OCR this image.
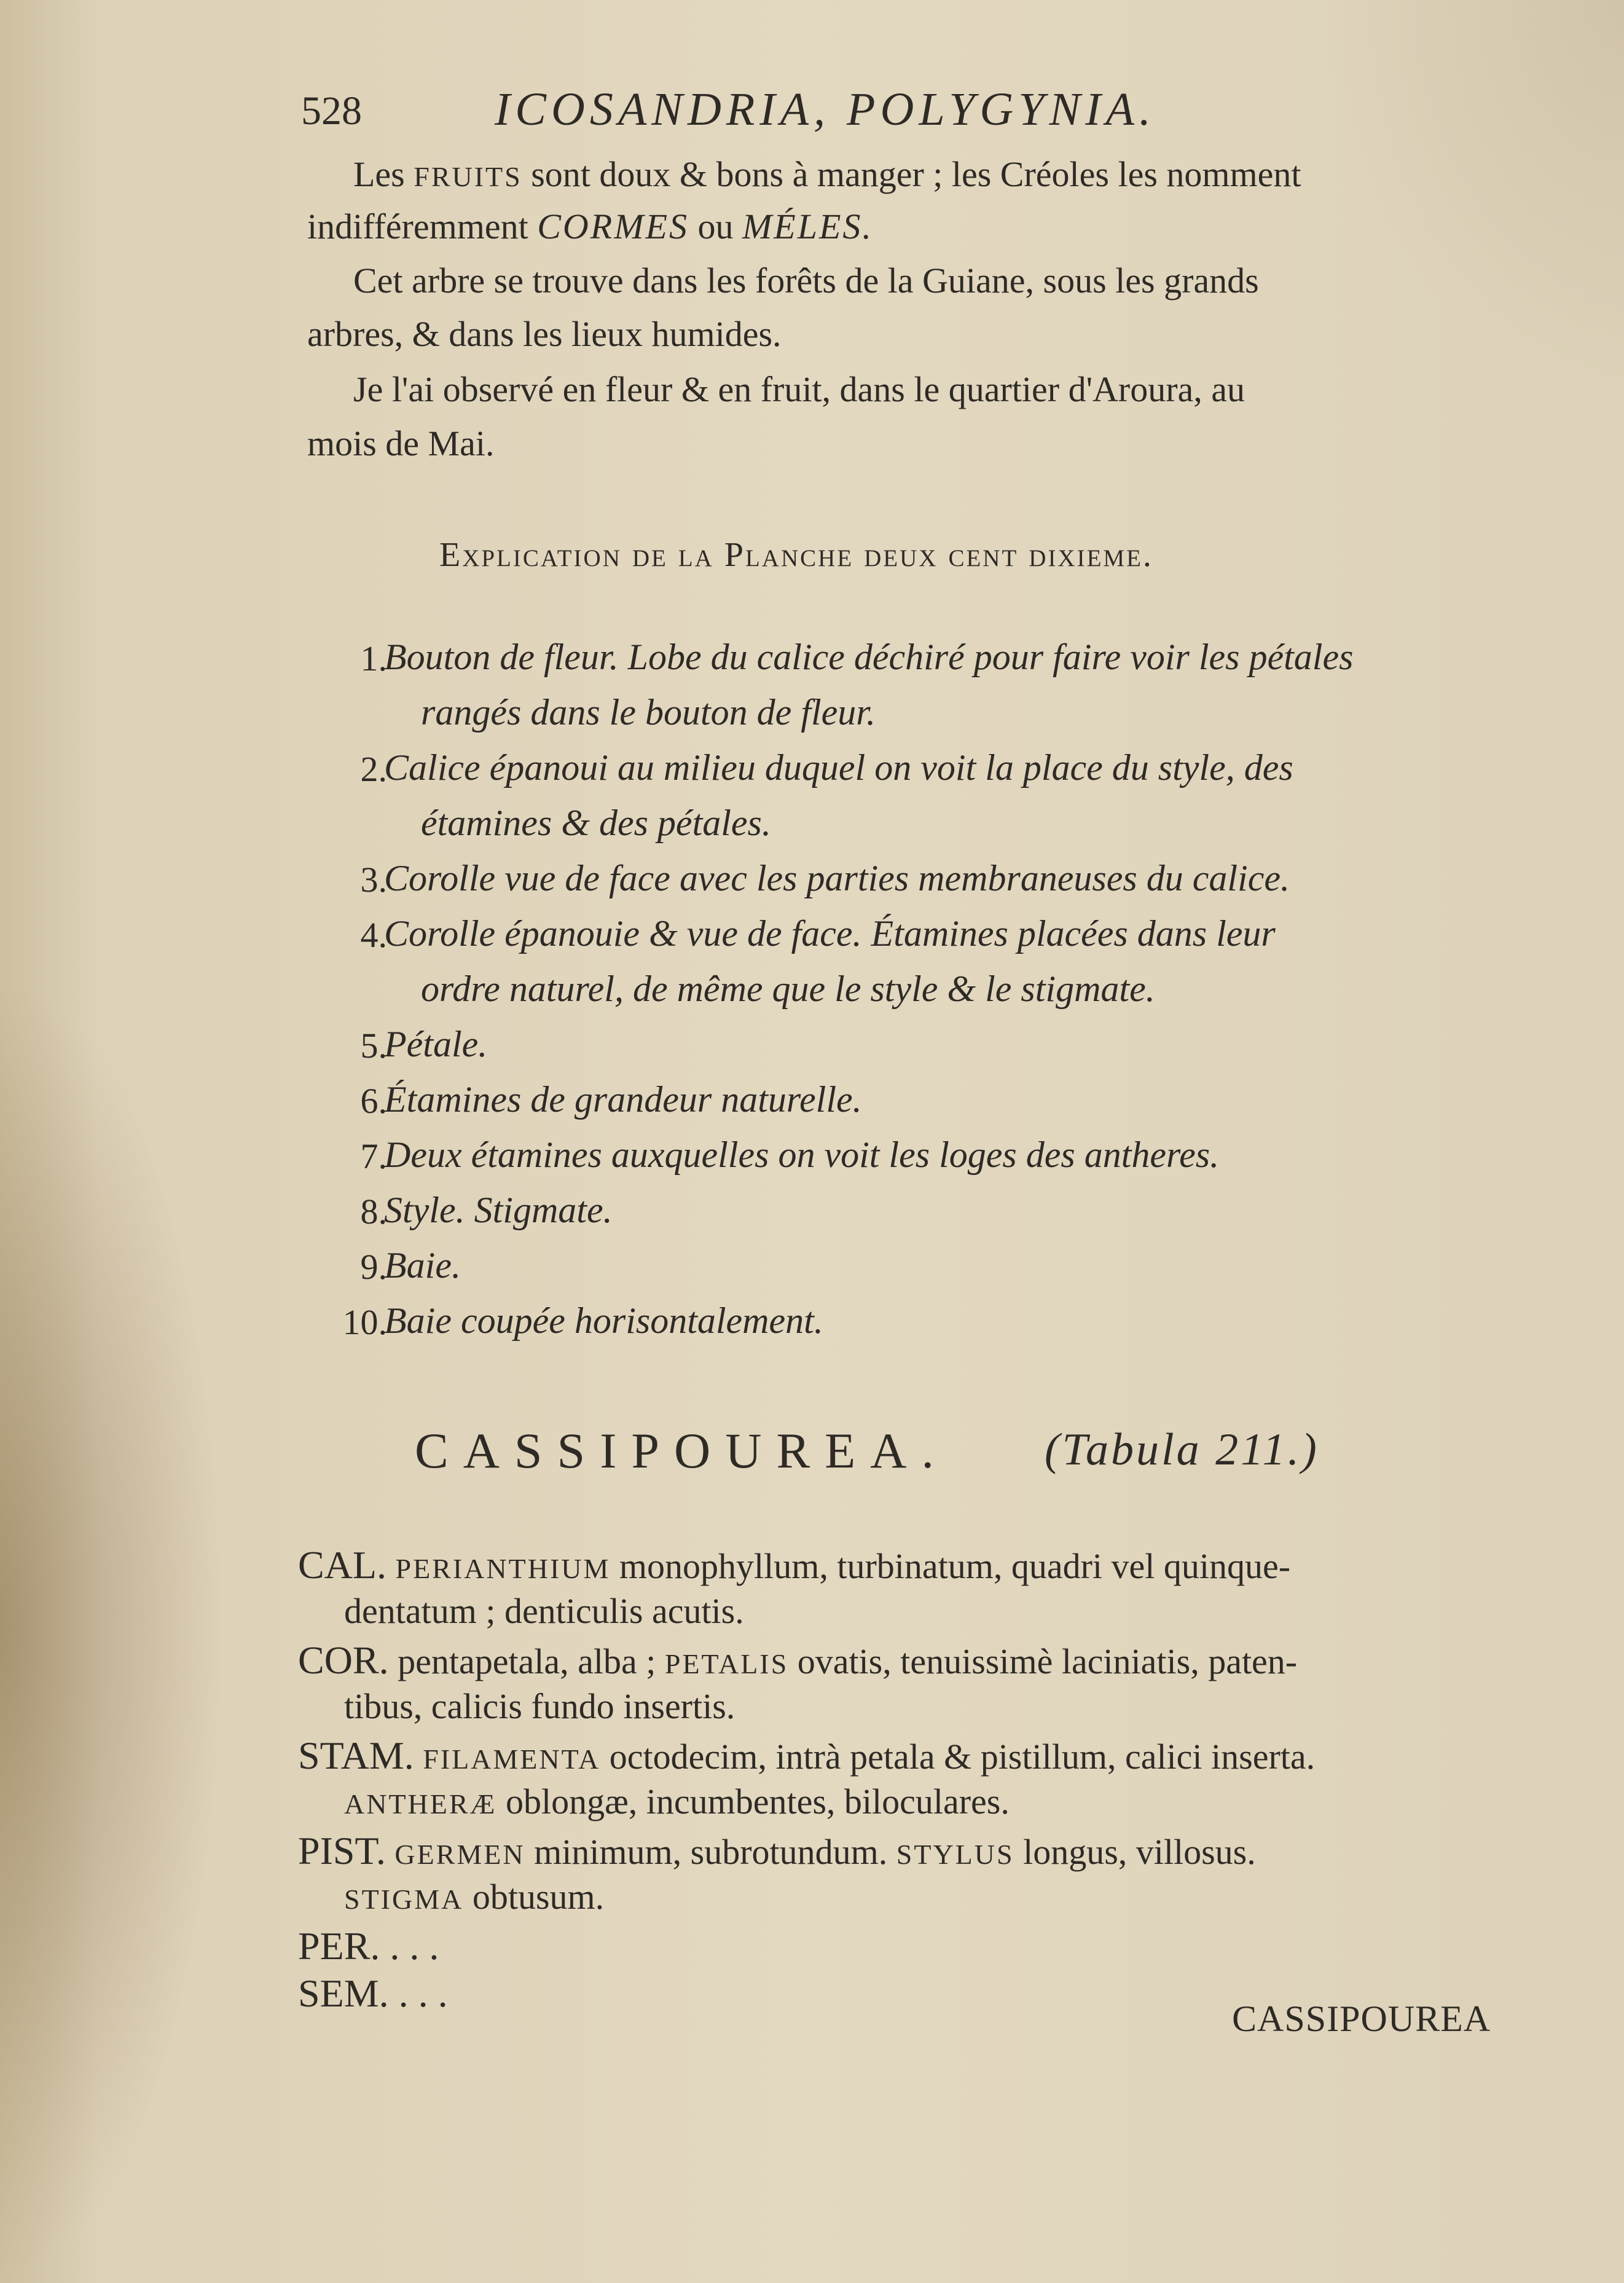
528	ICOSANDRIA, POLYGYNIA.
Les FRUITS sont doux & bons à manger ; les Créoles les nomment
indifféremment CORMES ou MÉLES.
Cet arbre se trouve dans les forêts de la Guiane, sous les grands
arbres, & dans les lieux humides.
Je l'ai observé en fleur & en fruit, dans le quartier d'Aroura, au
mois de Mai.
Explication de la Planche deux cent dixieme.
1.
Bouton de fleur. Lobe du calice déchiré pour faire voir les pétales
rangés dans le bouton de fleur.
2.
Calice épanoui au milieu duquel on voit la place du style, des
étamines & des pétales.
3.
Corolle vue de face avec les parties membraneuses du calice.
4.
Corolle épanouie & vue de face. Étamines placées dans leur
ordre naturel, de même que le style & le stigmate.
5.
Pétale.
6.
Étamines de grandeur naturelle.
7.
Deux étamines auxquelles on voit les loges des antheres.
8.
Style. Stigmate.
9.
Baie.
10.
Baie coupée horisontalement.
CASSIPOUREA. (Tabula 211.)
CAL. PERIANTHIUM monophyllum, turbinatum, quadri vel quinque-
dentatum ; denticulis acutis.
COR. pentapetala, alba ; PETALIS ovatis, tenuissimè laciniatis, paten-
tibus, calicis fundo insertis.
STAM. FILAMENTA octodecim, intrà petala & pistillum, calici inserta.
ANTHERÆ oblongæ, incumbentes, biloculares.
PIST. GERMEN minimum, subrotundum. STYLUS longus, villosus.
STIGMA obtusum.
PER. . . .
SEM. . . .
CASSIPOUREA
